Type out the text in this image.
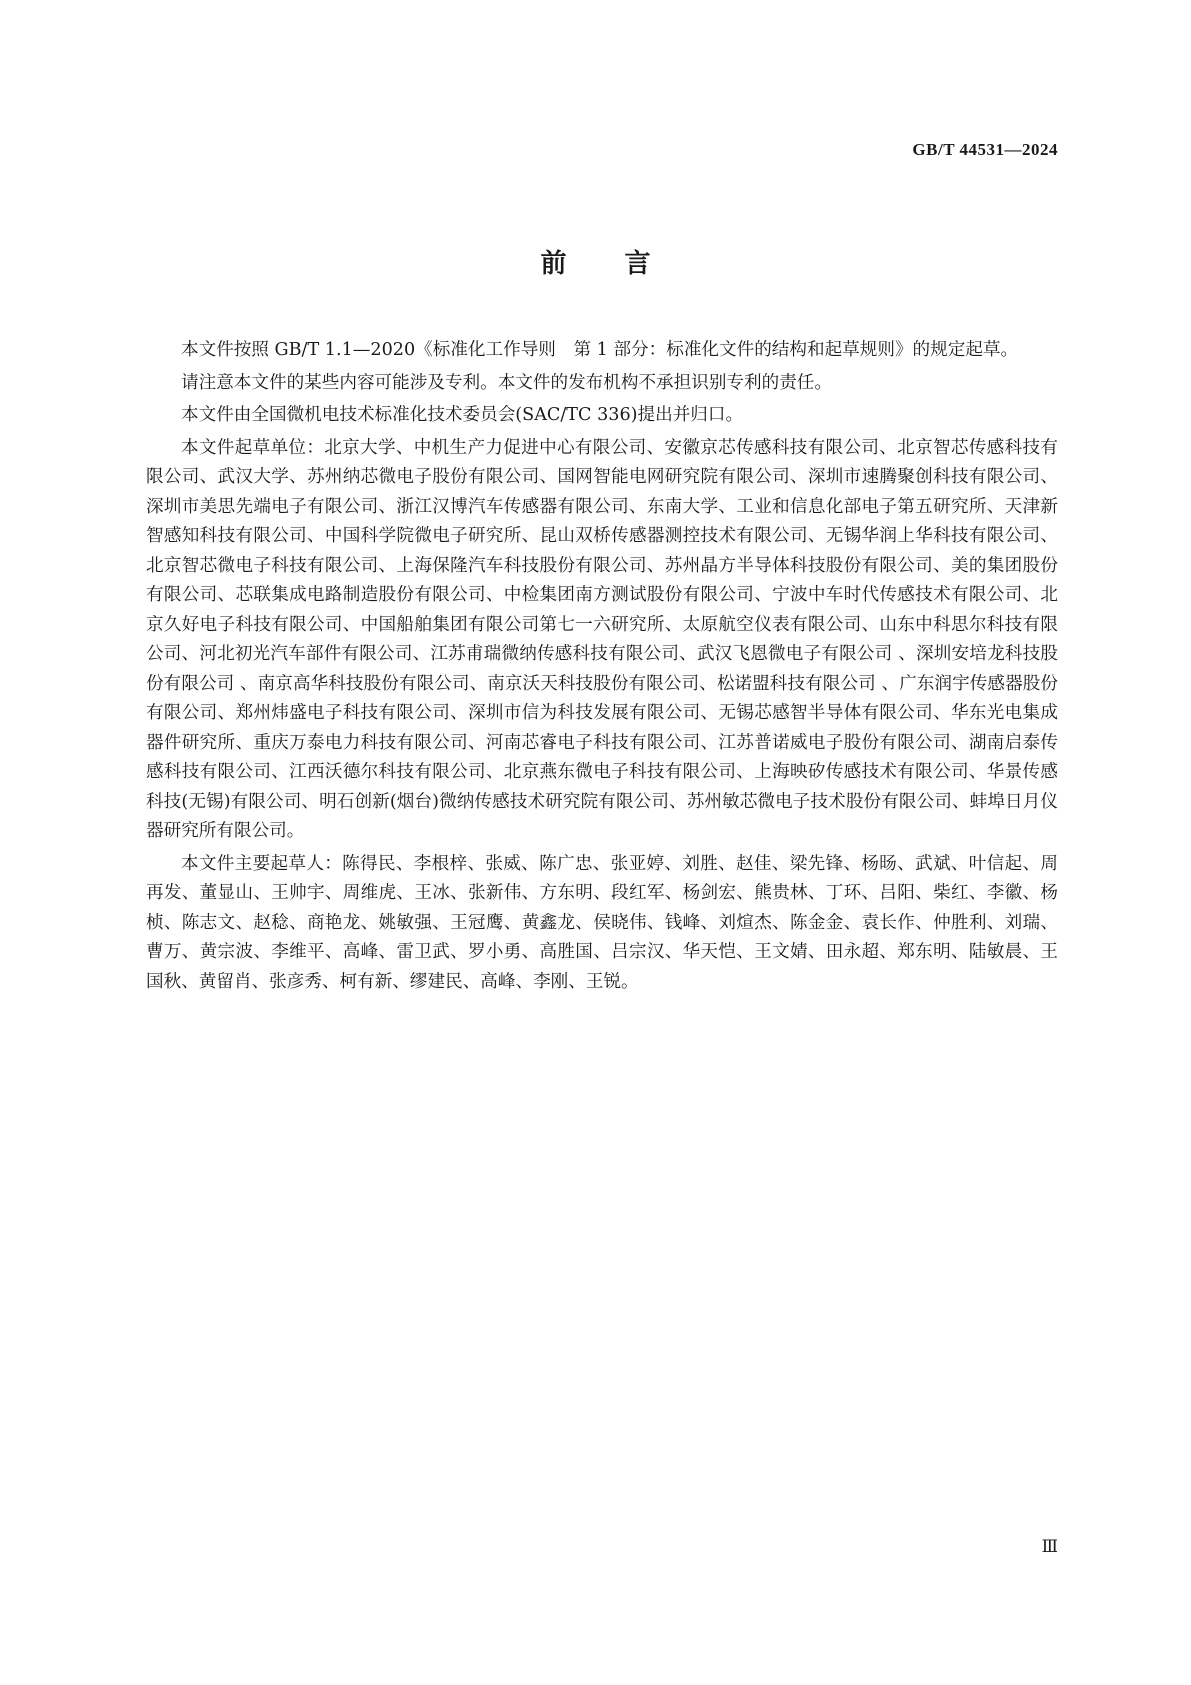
GB/T 44531—2024
前言

本文件按照 GB/T 1.1—2020《标准化工作导则　第 1 部分：标准化文件的结构和起草规则》的规定起草。

请注意本文件的某些内容可能涉及专利。本文件的发布机构不承担识别专利的责任。

本文件由全国微机电技术标准化技术委员会(SAC/TC 336)提出并归口。

本文件起草单位：北京大学、中机生产力促进中心有限公司、安徽京芯传感科技有限公司、北京智芯传感科技有限公司、武汉大学、苏州纳芯微电子股份有限公司、国网智能电网研究院有限公司、深圳市速腾聚创科技有限公司、深圳市美思先端电子有限公司、浙江汉博汽车传感器有限公司、东南大学、工业和信息化部电子第五研究所、天津新智感知科技有限公司、中国科学院微电子研究所、昆山双桥传感器测控技术有限公司、无锡华润上华科技有限公司、北京智芯微电子科技有限公司、上海保隆汽车科技股份有限公司、苏州晶方半导体科技股份有限公司、美的集团股份有限公司、芯联集成电路制造股份有限公司、中检集团南方测试股份有限公司、宁波中车时代传感技术有限公司、北京久好电子科技有限公司、中国船舶集团有限公司第七一六研究所、太原航空仪表有限公司、山东中科思尔科技有限公司、河北初光汽车部件有限公司、江苏甫瑞微纳传感科技有限公司、武汉飞恩微电子有限公司 、深圳安培龙科技股份有限公司 、南京高华科技股份有限公司、南京沃天科技股份有限公司、松诺盟科技有限公司 、广东润宇传感器股份有限公司、郑州炜盛电子科技有限公司、深圳市信为科技发展有限公司、无锡芯感智半导体有限公司、华东光电集成器件研究所、重庆万泰电力科技有限公司、河南芯睿电子科技有限公司、江苏普诺威电子股份有限公司、湖南启泰传感科技有限公司、江西沃德尔科技有限公司、北京燕东微电子科技有限公司、上海映矽传感技术有限公司、华景传感科技(无锡)有限公司、明石创新(烟台)微纳传感技术研究院有限公司、苏州敏芯微电子技术股份有限公司、蚌埠日月仪器研究所有限公司。

本文件主要起草人：陈得民、李根梓、张威、陈广忠、张亚婷、刘胜、赵佳、梁先锋、杨旸、武斌、叶信起、周再发、董显山、王帅宇、周维虎、王冰、张新伟、方东明、段红军、杨剑宏、熊贵林、丁环、吕阳、柴红、李徽、杨桢、陈志文、赵稔、商艳龙、姚敏强、王冠鹰、黄鑫龙、侯晓伟、钱峰、刘煊杰、陈金金、袁长作、仲胜利、刘瑞、曹万、黄宗波、李维平、高峰、雷卫武、罗小勇、高胜国、吕宗汉、华天恺、王文婧、田永超、郑东明、陆敏晨、王国秋、黄留肖、张彦秀、柯有新、缪建民、高峰、李刚、王锐。

Ⅲ
